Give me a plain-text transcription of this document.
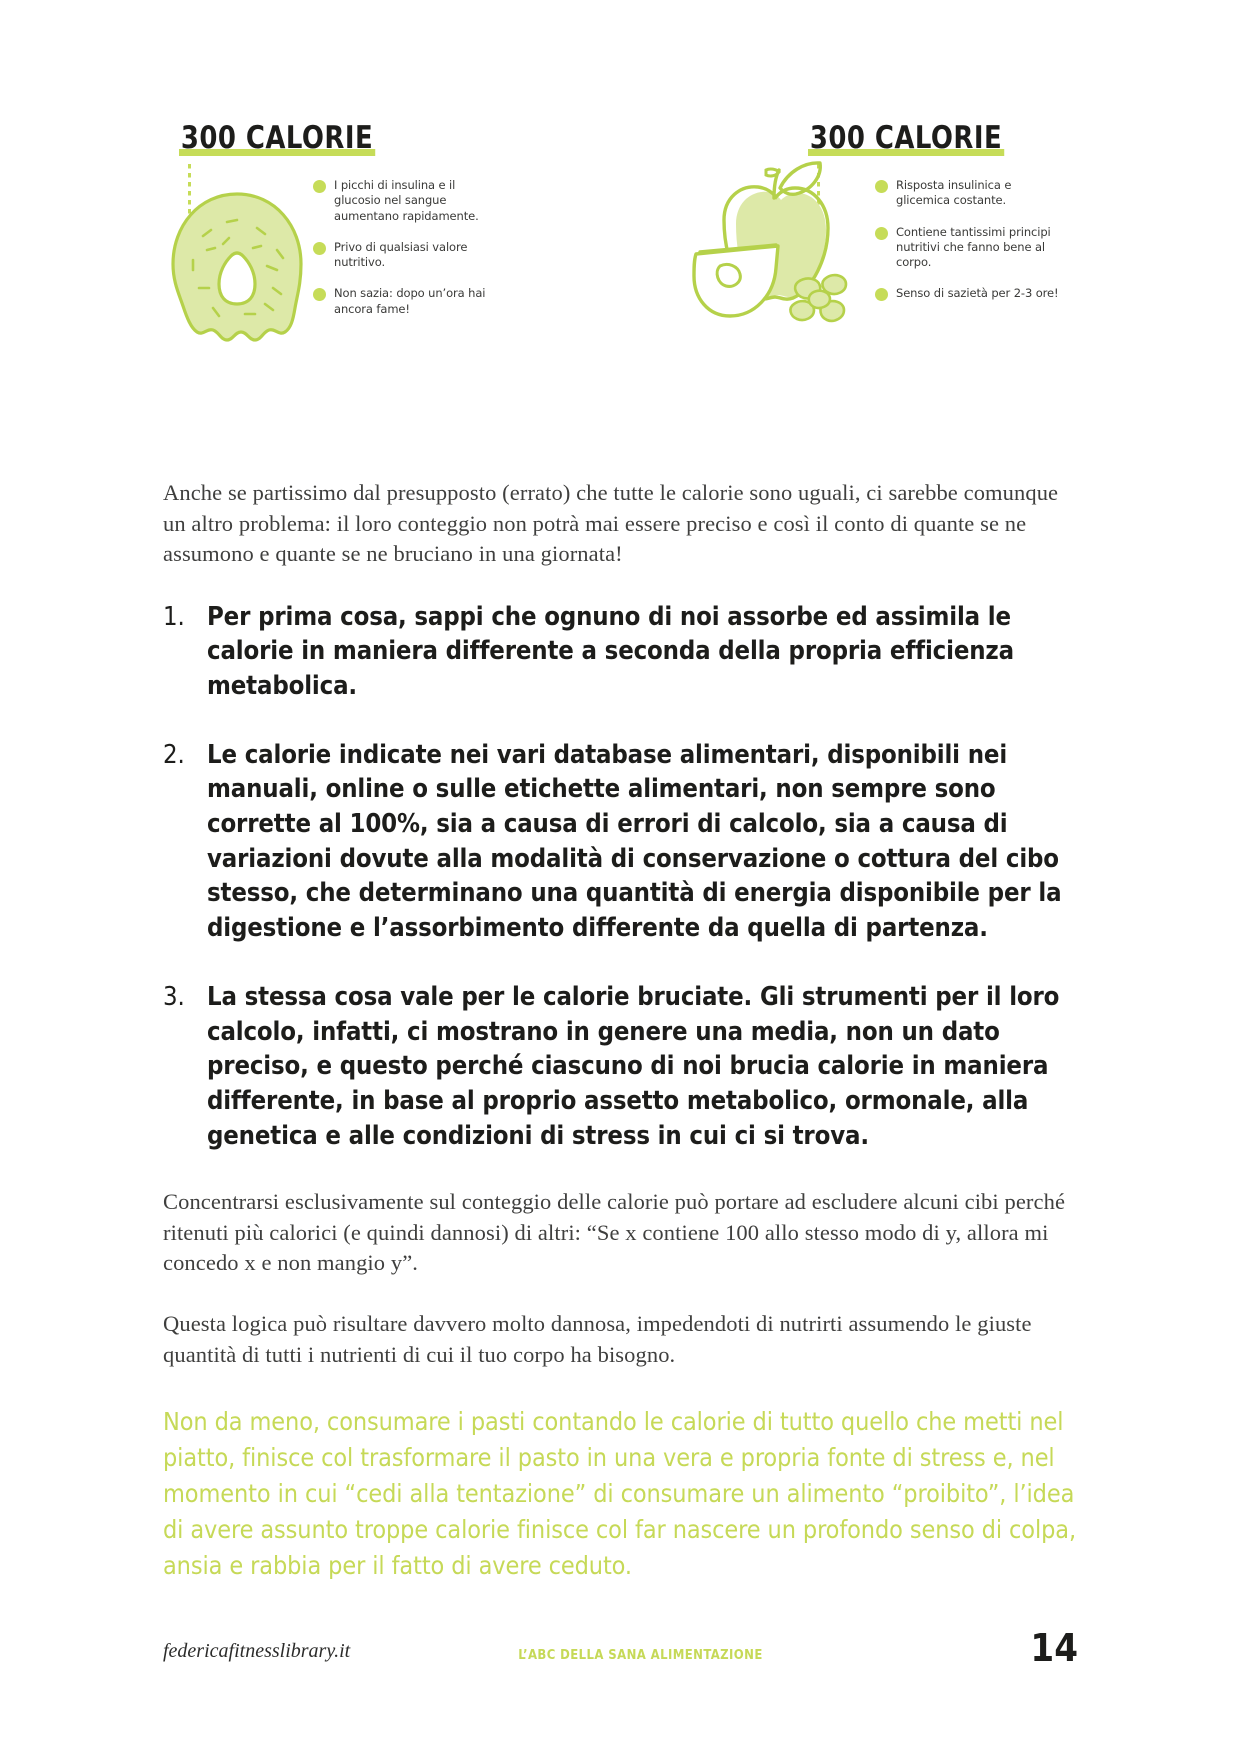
300 CALORIE
I picchi di insulina e il glucosio nel sangue aumentano rapidamente.
Privo di qualsiasi valore nutritivo.
Non sazia: dopo un’ora hai ancora fame!
300 CALORIE
Risposta insulinica e glicemica costante.
Contiene tantissimi principi nutritivi che fanno bene al corpo.
Senso di sazietà per 2-3 ore!

Anche se partissimo dal presupposto (errato) che tutte le calorie sono uguali, ci sarebbe comunque un altro problema: il loro conteggio non potrà mai essere preciso e così il conto di quante se ne assumono e quante se ne bruciano in una giornata!

Per prima cosa, sappi che ognuno di noi assorbe ed assimila le calorie in maniera differente a seconda della propria efficienza metabolica.
Le calorie indicate nei vari database alimentari, disponibili nei manuali, online o sulle etichette alimentari, non sempre sono corrette al 100%, sia a causa di errori di calcolo, sia a causa di variazioni dovute alla modalità di conservazione o cottura del cibo stesso, che determinano una quantità di energia disponibile per la digestione e l’assorbimento differente da quella di partenza.
La stessa cosa vale per le calorie bruciate. Gli strumenti per il loro calcolo, infatti, ci mostrano in genere una media, non un dato preciso, e questo perché ciascuno di noi brucia calorie in maniera differente, in base al proprio assetto metabolico, ormonale, alla genetica e alle condizioni di stress in cui ci si trova.

Concentrarsi esclusivamente sul conteggio delle calorie può portare ad escludere alcuni cibi perché ritenuti più calorici (e quindi dannosi) di altri: “Se x contiene 100 allo stesso modo di y, allora mi concedo x e non mangio y”.

Questa logica può risultare davvero molto dannosa, impedendoti di nutrirti assumendo le giuste quantità di tutti i nutrienti di cui il tuo corpo ha bisogno.

Non da meno, consumare i pasti contando le calorie di tutto quello che metti nel piatto, finisce col trasformare il pasto in una vera e propria fonte di stress e, nel momento in cui “cedi alla tentazione” di consumare un alimento “proibito”, l’idea di avere assunto troppe calorie finisce col far nascere un profondo senso di colpa, ansia e rabbia per il fatto di avere ceduto.

federicafitnesslibrary.it	L’ABC DELLA SANA ALIMENTAZIONE	14
